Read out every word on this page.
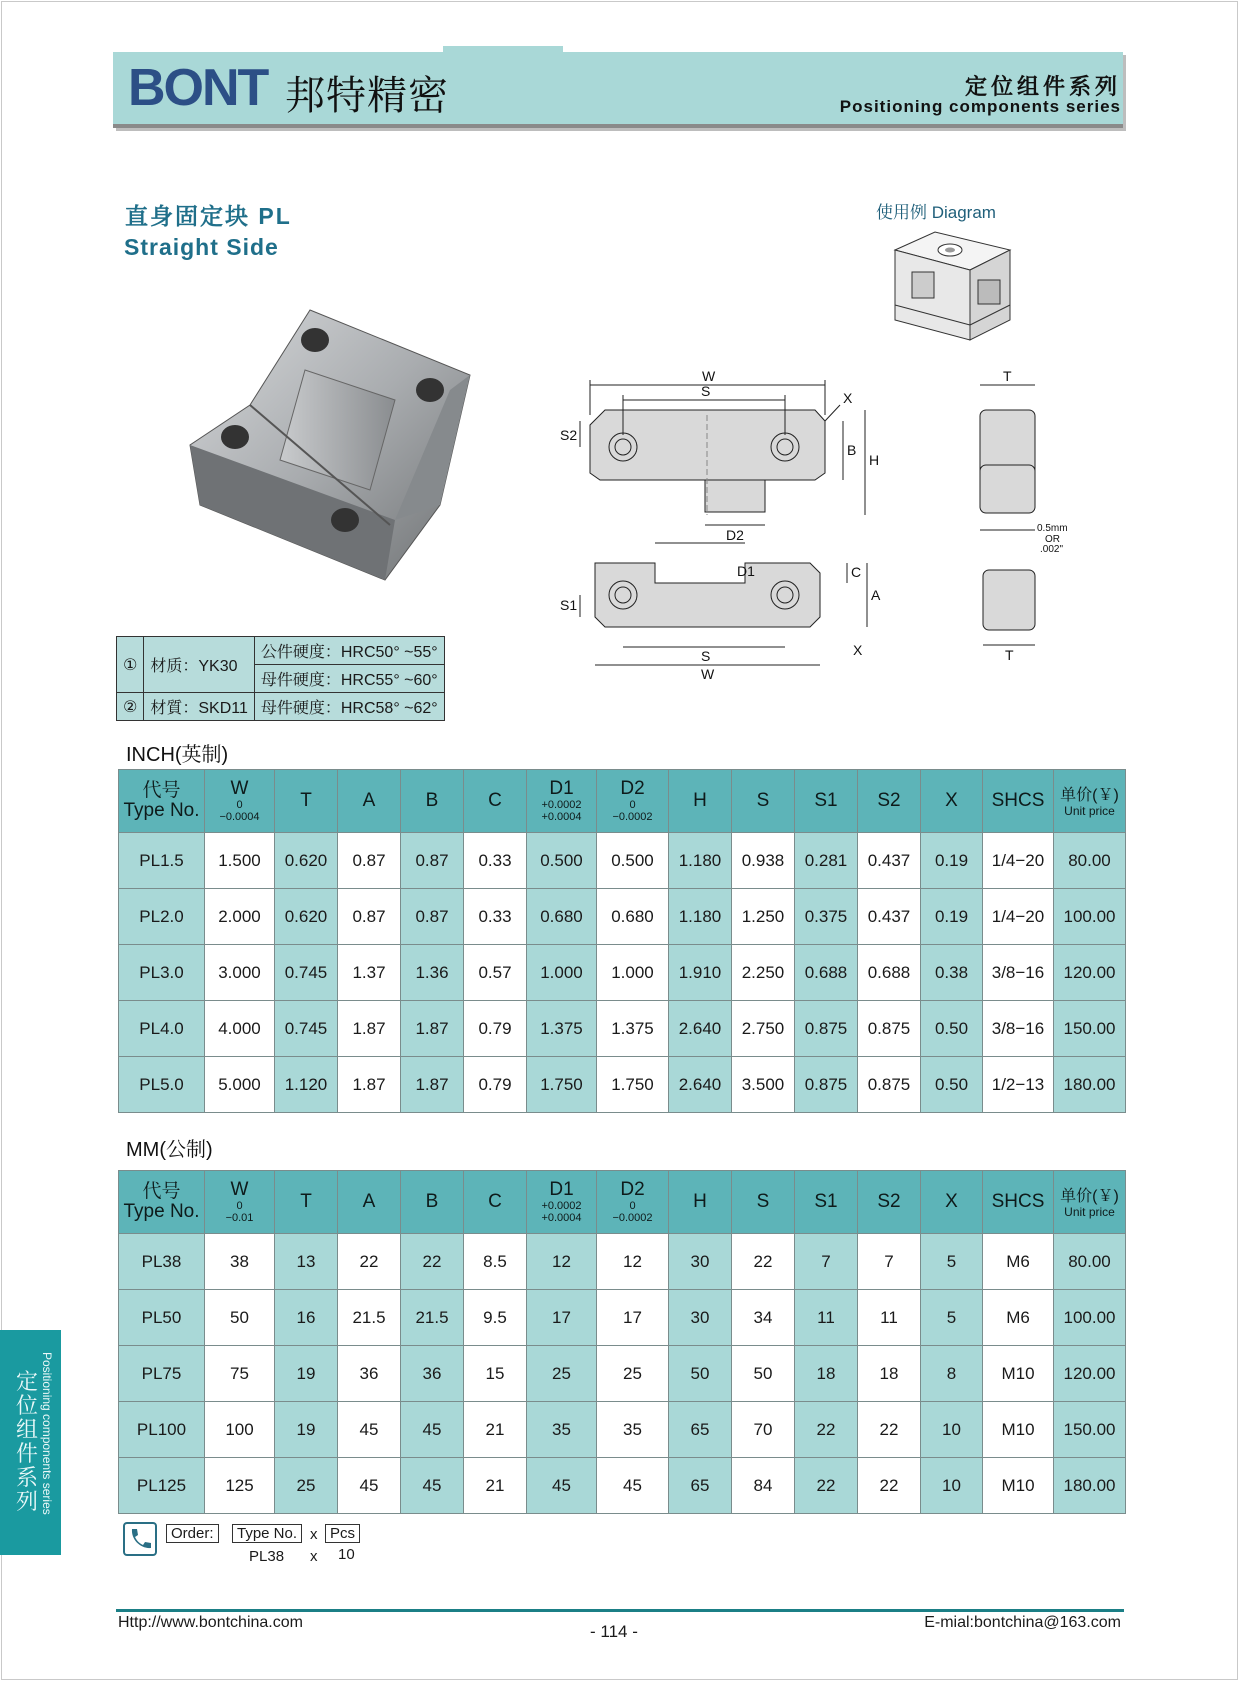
BONT 邦特精密	定位组件系列
Positioning components series
直身固定块 PL
Straight Side
使用例 Diagram
W
S	X
S2
B
H
D2
T
0.5mm
OR
.002"
D1	C
A
S1
X
S
W
T
①	材质：YK30	公件硬度：HRC50° ~55°
		母件硬度：HRC55° ~60°
②	材質：SKD11	母件硬度：HRC58° ~62°
INCH(英制)
代号
Type No.	W
0
−0.0004	T	A	B	C	D1
+0.0002
+0.0004	D2
0
−0.0002	H	S	S1	S2	X	SHCS	单价(￥)
Unit price

PL1.5	1.500	0.620	0.87	0.87	0.33	0.500	0.500	1.180	0.938	0.281	0.437	0.19	1/4−20	80.00
PL2.0	2.000	0.620	0.87	0.87	0.33	0.680	0.680	1.180	1.250	0.375	0.437	0.19	1/4−20	100.00
PL3.0	3.000	0.745	1.37	1.36	0.57	1.000	1.000	1.910	2.250	0.688	0.688	0.38	3/8−16	120.00
PL4.0	4.000	0.745	1.87	1.87	0.79	1.375	1.375	2.640	2.750	0.875	0.875	0.50	3/8−16	150.00
PL5.0	5.000	1.120	1.87	1.87	0.79	1.750	1.750	2.640	3.500	0.875	0.875	0.50	1/2−13	180.00
MM(公制)
代号
Type No.	W
0
−0.01	T	A	B	C	D1
+0.0002
+0.0004	D2
0
−0.0002	H	S	S1	S2	X	SHCS	单价(￥)
Unit price

PL38	38	13	22	22	8.5	12	12	30	22	7	7	5	M6	80.00
PL50	50	16	21.5	21.5	9.5	17	17	30	34	11	11	5	M6	100.00
PL75	75	19	36	36	15	25	25	50	50	18	18	8	M10	120.00
PL100	100	19	45	45	21	35	35	65	70	22	22	10	M10	150.00
PL125	125	25	45	45	21	45	45	65	84	22	22	10	M10	180.00
Order:	Type No. x Pcs
PL38 x 10
定位组件系列 Positioning components series
Http://www.bontchina.com	- 114 -	E-mial:bontchina@163.com
